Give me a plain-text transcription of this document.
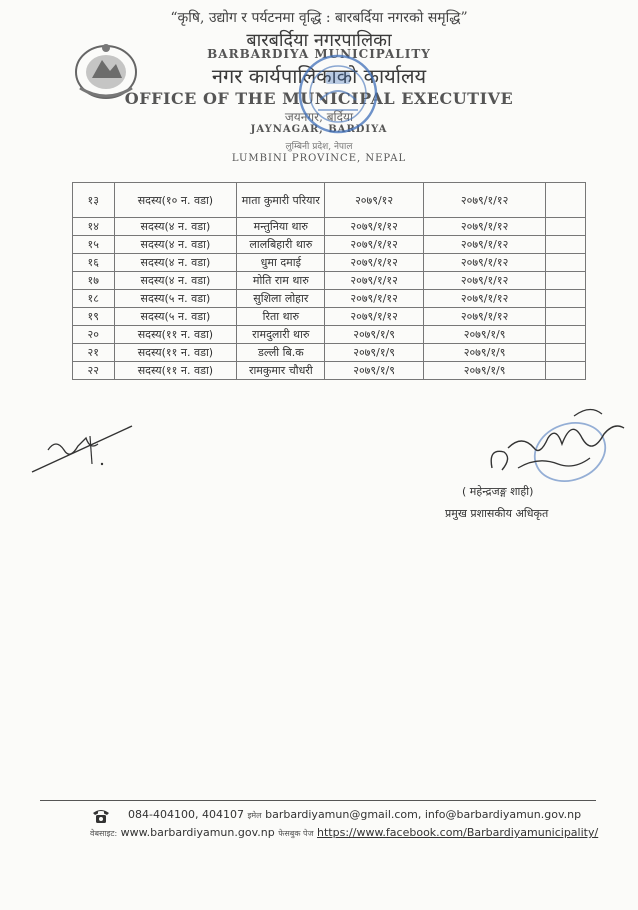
“कृषि, उद्योग र पर्यटनमा वृद्धि : बारबर्दिया नगरको समृद्धि”
बारबर्दिया नगरपालिका
BARBARDIYA MUNICIPALITY
नगर कार्यपालिकाको कार्यालय
OFFICE OF THE MUNICIPAL EXECUTIVE
जयनगर, बर्दिया
JAYNAGAR, BARDIYA
लुम्बिनी प्रदेश, नेपाल
LUMBINI PROVINCE, NEPAL
१३	सदस्य(१० न. वडा)	माता कुमारी परियार	२०७९/१२	२०७९/१/१२	
१४	सदस्य(४ न. वडा)	मन्तुनिया थारु	२०७९/१/१२	२०७९/१/१२	
१५	सदस्य(४ न. वडा)	लालबिहारी थारु	२०७९/१/१२	२०७९/१/१२	
१६	सदस्य(४ न. वडा)	धुमा दमाई	२०७९/१/१२	२०७९/१/१२	
१७	सदस्य(४ न. वडा)	मोति राम थारु	२०७९/१/१२	२०७९/१/१२	
१८	सदस्य(५ न. वडा)	सुशिला लोहार	२०७९/१/१२	२०७९/१/१२	
१९	सदस्य(५ न. वडा)	रिता थारु	२०७९/१/१२	२०७९/१/१२	
२०	सदस्य(११ न. वडा)	रामदुलारी थारु	२०७९/१/९	२०७९/१/९	
२१	सदस्य(११ न. वडा)	डल्ली बि.क	२०७९/१/९	२०७९/१/९	
२२	सदस्य(११ न. वडा)	रामकुमार चौधरी	२०७९/१/९	२०७९/१/९	
( महेन्द्रजङ्ग शाही)
प्रमुख प्रशासकीय अधिकृत
084-404100, 404107 इमेल barbardiyamun@gmail.com, info@barbardiyamun.gov.np
वेबसाइट: www.barbardiyamun.gov.np फेसबुक पेज https://www.facebook.com/Barbardiyamunicipality/
